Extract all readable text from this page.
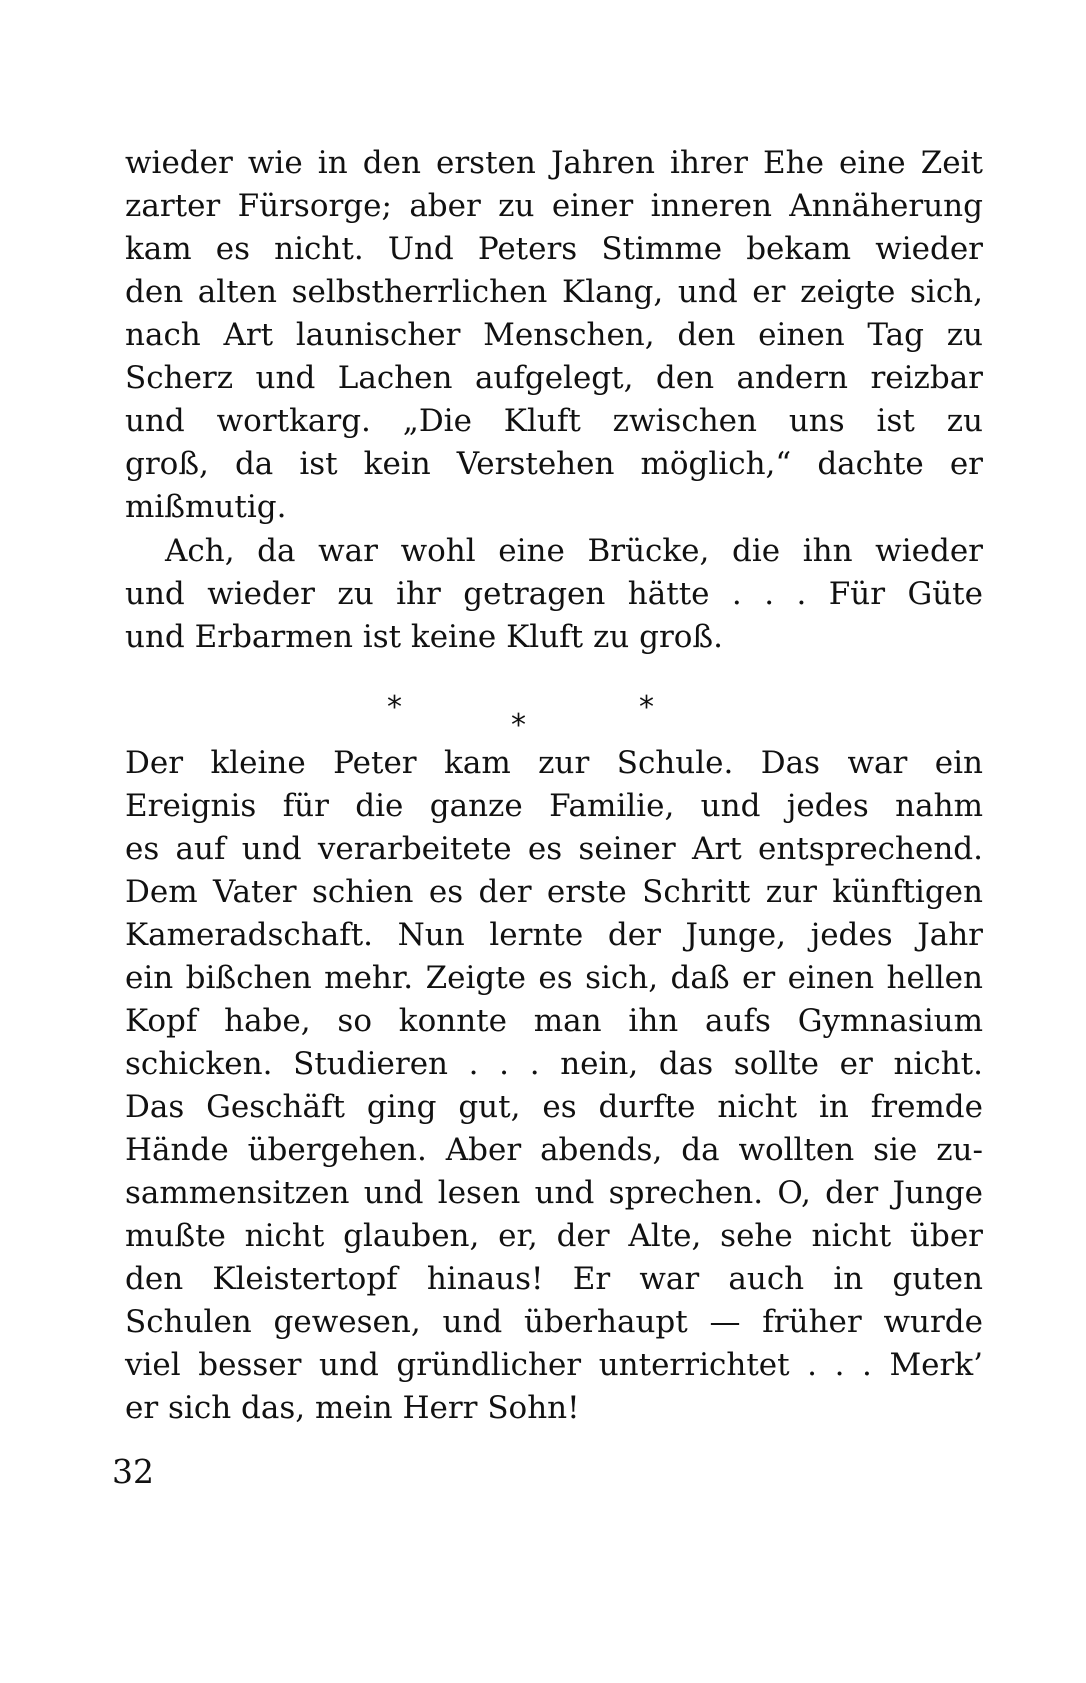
wieder wie in den ersten Jahren ihrer Ehe eine Zeit
zarter Fürsorge; aber zu einer inneren Annäherung
kam es nicht. Und Peters Stimme bekam wieder
den alten selbstherrlichen Klang, und er zeigte sich,
nach Art launischer Menschen, den einen Tag zu
Scherz und Lachen aufgelegt, den andern reizbar
und wortkarg. „Die Kluft zwischen uns ist zu
groß, da ist kein Verstehen möglich,“ dachte er
mißmutig.
Ach, da war wohl eine Brücke, die ihn wieder
und wieder zu ihr getragen hätte . . . Für Güte
und Erbarmen ist keine Kluft zu groß.
*
*
*
Der kleine Peter kam zur Schule. Das war ein
Ereignis für die ganze Familie, und jedes nahm
es auf und verarbeitete es seiner Art entsprechend.
Dem Vater schien es der erste Schritt zur künftigen
Kameradschaft. Nun lernte der Junge, jedes Jahr
ein bißchen mehr. Zeigte es sich, daß er einen hellen
Kopf habe, so konnte man ihn aufs Gymnasium
schicken. Studieren . . . nein, das sollte er nicht.
Das Geschäft ging gut, es durfte nicht in fremde
Hände übergehen. Aber abends, da wollten sie zu-
sammensitzen und lesen und sprechen. O, der Junge
mußte nicht glauben, er, der Alte, sehe nicht über
den Kleistertopf hinaus! Er war auch in guten
Schulen gewesen, und überhaupt — früher wurde
viel besser und gründlicher unterrichtet . . . Merk’
er sich das, mein Herr Sohn!
32
